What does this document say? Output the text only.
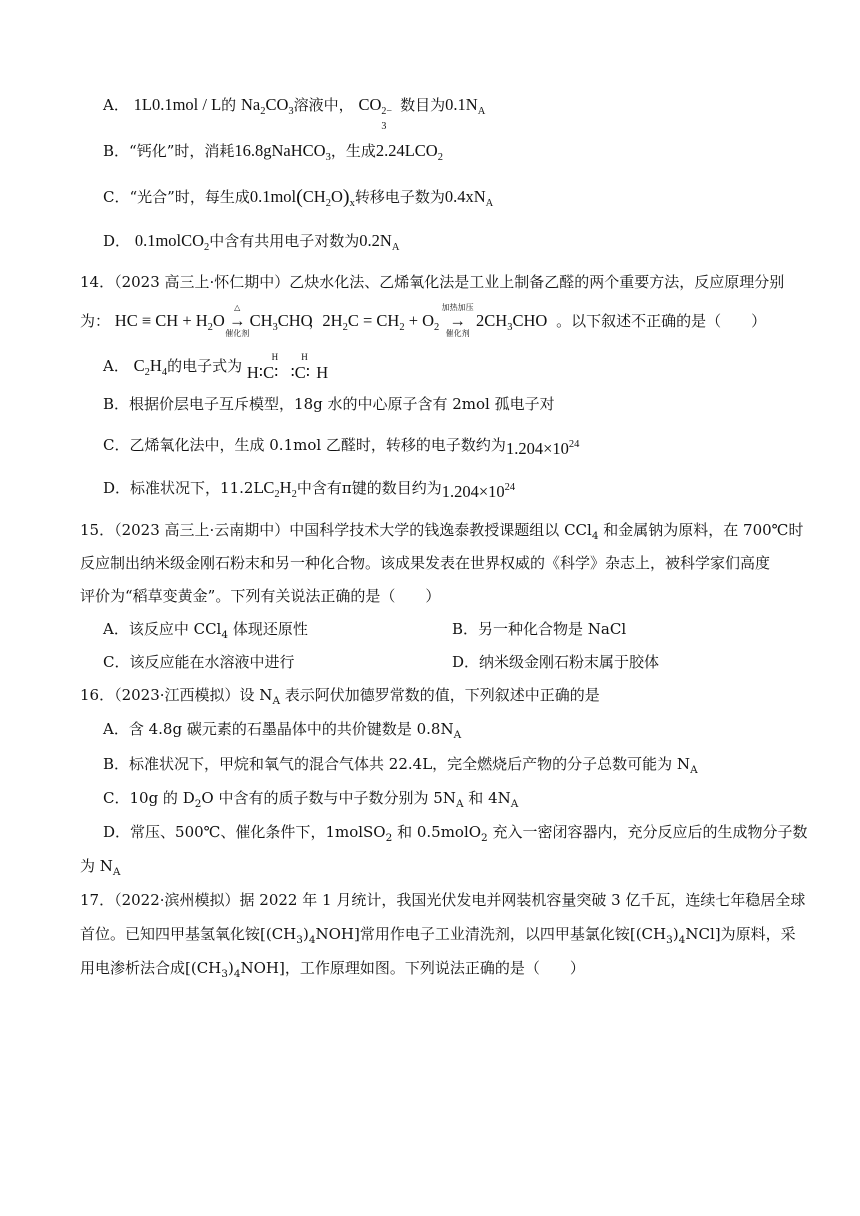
A． 1L0.1mol / L的 $Na_2CO_3$溶液中， CO 2−
3
数目为$0.1N_A$
B．“钙化”时，消耗16.8gNaHCO$_3$，生成$2.24LCO_2$
C．“光合”时，每生成$0.1mol(CH_2O)_x$转移电子数为$0.4xN_A$
D． 0.1molCO$_2$中含有共用电子对数为$0.2N_A$
14．（2023 高三上·怀仁期中）乙炔水化法、乙烯氧化法是工业上制备乙醛的两个重要方法，反应原理分别
为： HC ≡ CH + $H_2O$
△
→
催化剂
$CH_3CHO$， $2H_2C = CH_2 + O_2$
加热加压
→
催化剂
$2CH_3CHO$ 。以下叙述不正确的是（　　）
A． $C_2H_4$的电子式为	H
H∶C∶
H
∶C∶ H
B．根据价层电子互斥模型，18g 水的中心原子含有 2mol 孤电子对
C．乙烯氧化法中，生成 0.1mol 乙醛时，转移的电子数约为$1.204\times 10^{24}$
D．标准状况下，$11.2LC_2H_2$中含有π键的数目约为$1.204\times 10^{24}$
15．（2023 高三上·云南期中）中国科学技术大学的钱逸泰教授课题组以 CCl$_4$ 和金属钠为原料，在 700℃时
反应制出纳米级金刚石粉末和另一种化合物。该成果发表在世界权威的《科学》杂志上，被科学家们高度
评价为“稻草变黄金”。下列有关说法正确的是（　　）
A．该反应中 CCl$_4$ 体现还原性	B．另一种化合物是 NaCl
C．该反应能在水溶液中进行	D．纳米级金刚石粉末属于胶体
16．（2023·江西模拟）设 $N_A$ 表示阿伏加德罗常数的值，下列叙述中正确的是
A．含 4.8g 碳元素的石墨晶体中的共价键数是 $0.8N_A$
B．标准状况下，甲烷和氧气的混合气体共 22.4L，完全燃烧后产物的分子总数可能为 $N_A$
C．10g 的 $D_2O$ 中含有的质子数与中子数分别为 $5N_A$ 和 $4N_A$
D．常压、500℃、催化条件下，1molSO$_2$ 和 0.5molO$_2$ 充入一密闭容器内，充分反应后的生成物分子数
为 $N_A$
17．（2022·滨州模拟）据 2022 年 1 月统计，我国光伏发电并网装机容量突破 3 亿千瓦，连续七年稳居全球
首位。已知四甲基氢氧化铵$[(CH_3)_4NOH]$常用作电子工业清洗剂，以四甲基氯化铵$[(CH_3)_4NCl]$为原料，采
用电渗析法合成$[(CH_3)_4NOH]$，工作原理如图。下列说法正确的是（　　）
